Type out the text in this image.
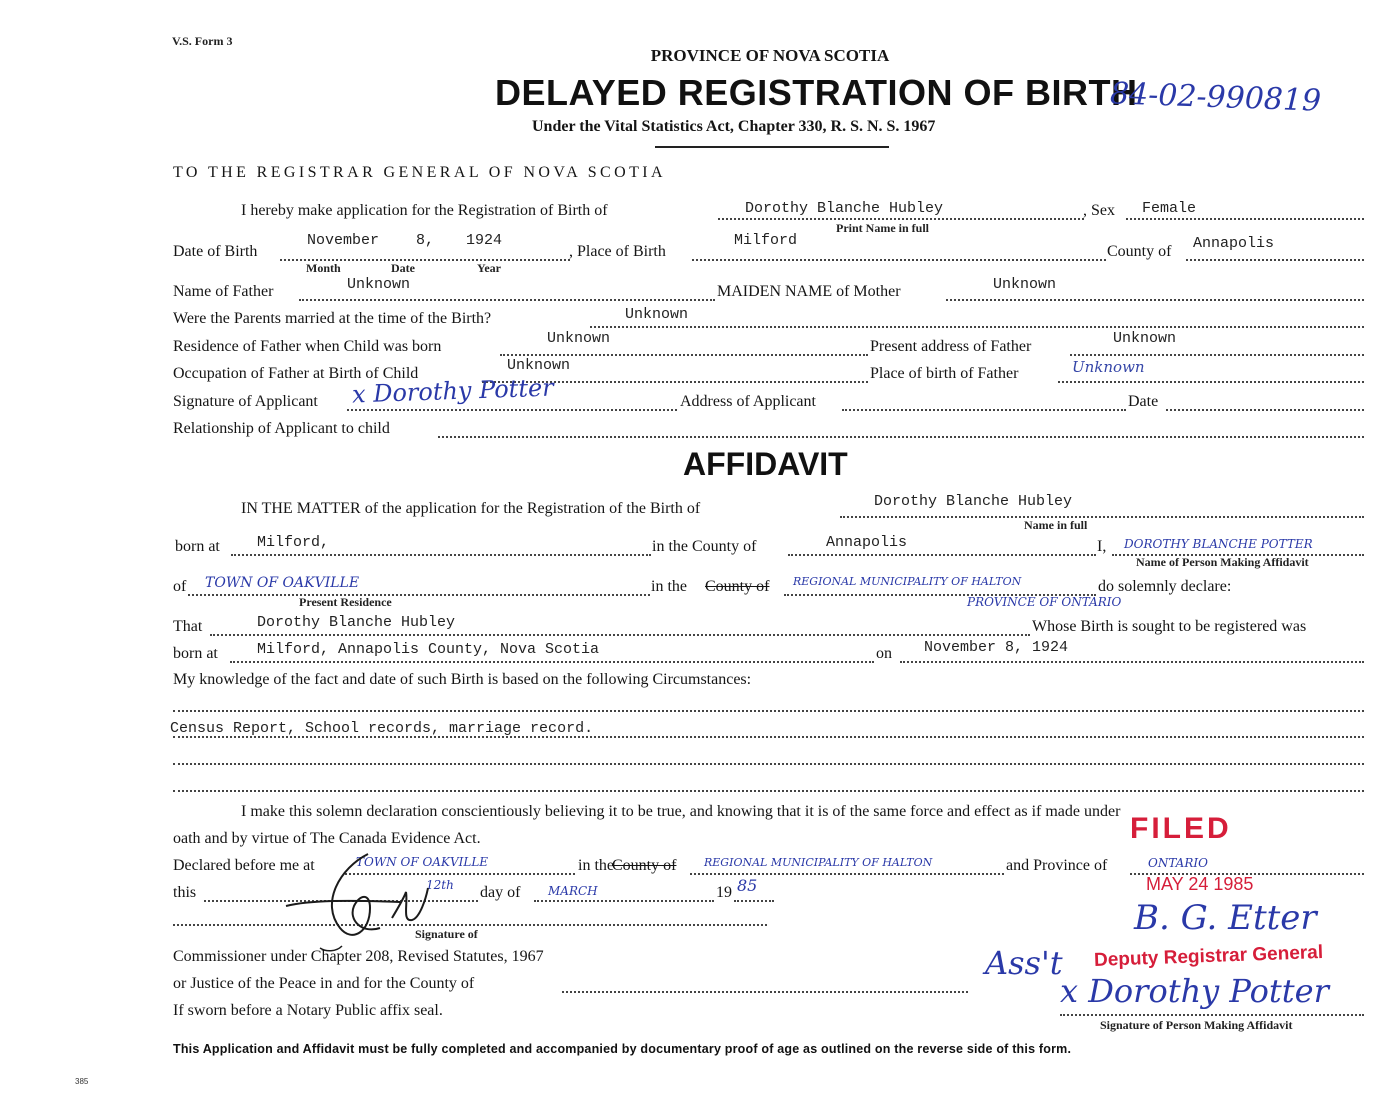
V.S. Form 3
PROVINCE OF NOVA SCOTIA
DELAYED REGISTRATION OF BIRTH
84-02-990819
Under the Vital Statistics Act, Chapter 330, R. S. N. S. 1967
TO THE REGISTRAR GENERAL OF NOVA SCOTIA
I hereby make application for the Registration of Birth of	Dorothy Blanche Hubley
Print Name in full
, Sex Female
Date of Birth
November 8, 1924
Month	Date	Year
, Place of Birth
Milford
County of Annapolis
Name of Father	Unknown	MAIDEN NAME of Mother	Unknown
Were the Parents married at the time of the Birth?	Unknown
Residence of Father when Child was born	Unknown	Present address of Father	Unknown
Occupation of Father at Birth of Child	Unknown	Place of birth of Father	Unknown
Signature of Applicant x Dorothy Potter	Address of Applicant	Date
Relationship of Applicant to child
AFFIDAVIT
IN THE MATTER of the application for the Registration of the Birth of	Dorothy Blanche Hubley
Name in full
born at Milford,	in the County of	Annapolis	I, DOROTHY BLANCHE POTTER
Name of Person Making Affidavit
of TOWN OF OAKVILLE
Present Residence
in the County of REGIONAL MUNICIPALITY OF HALTON
PROVINCE OF ONTARIO
do solemnly declare:
That	Dorothy Blanche Hubley	Whose Birth is sought to be registered was
born at	Milford, Annapolis County, Nova Scotia	on November 8, 1924
My knowledge of the fact and date of such Birth is based on the following Circumstances:
Census Report, School records, marriage record.
I make this solemn declaration conscientiously believing it to be true, and knowing that it is of the same force and effect as if made under
oath and by virtue of The Canada Evidence Act.
Declared before me at	TOWN OF OAKVILLE	in the
County of	REGIONAL MUNICIPALITY OF HALTON	and Province of	ONTARIO
this	12th day of MARCH	19 85
Signature of
Commissioner under Chapter 208, Revised Statutes, 1967
or Justice of the Peace in and for the County of
If sworn before a Notary Public affix seal.
FILED
MAY 24 1985
B. G. Etter
Ass't Deputy Registrar General
x Dorothy Potter
Signature of Person Making Affidavit
This Application and Affidavit must be fully completed and accompanied by documentary proof of age as outlined on the reverse side of this form.
385
